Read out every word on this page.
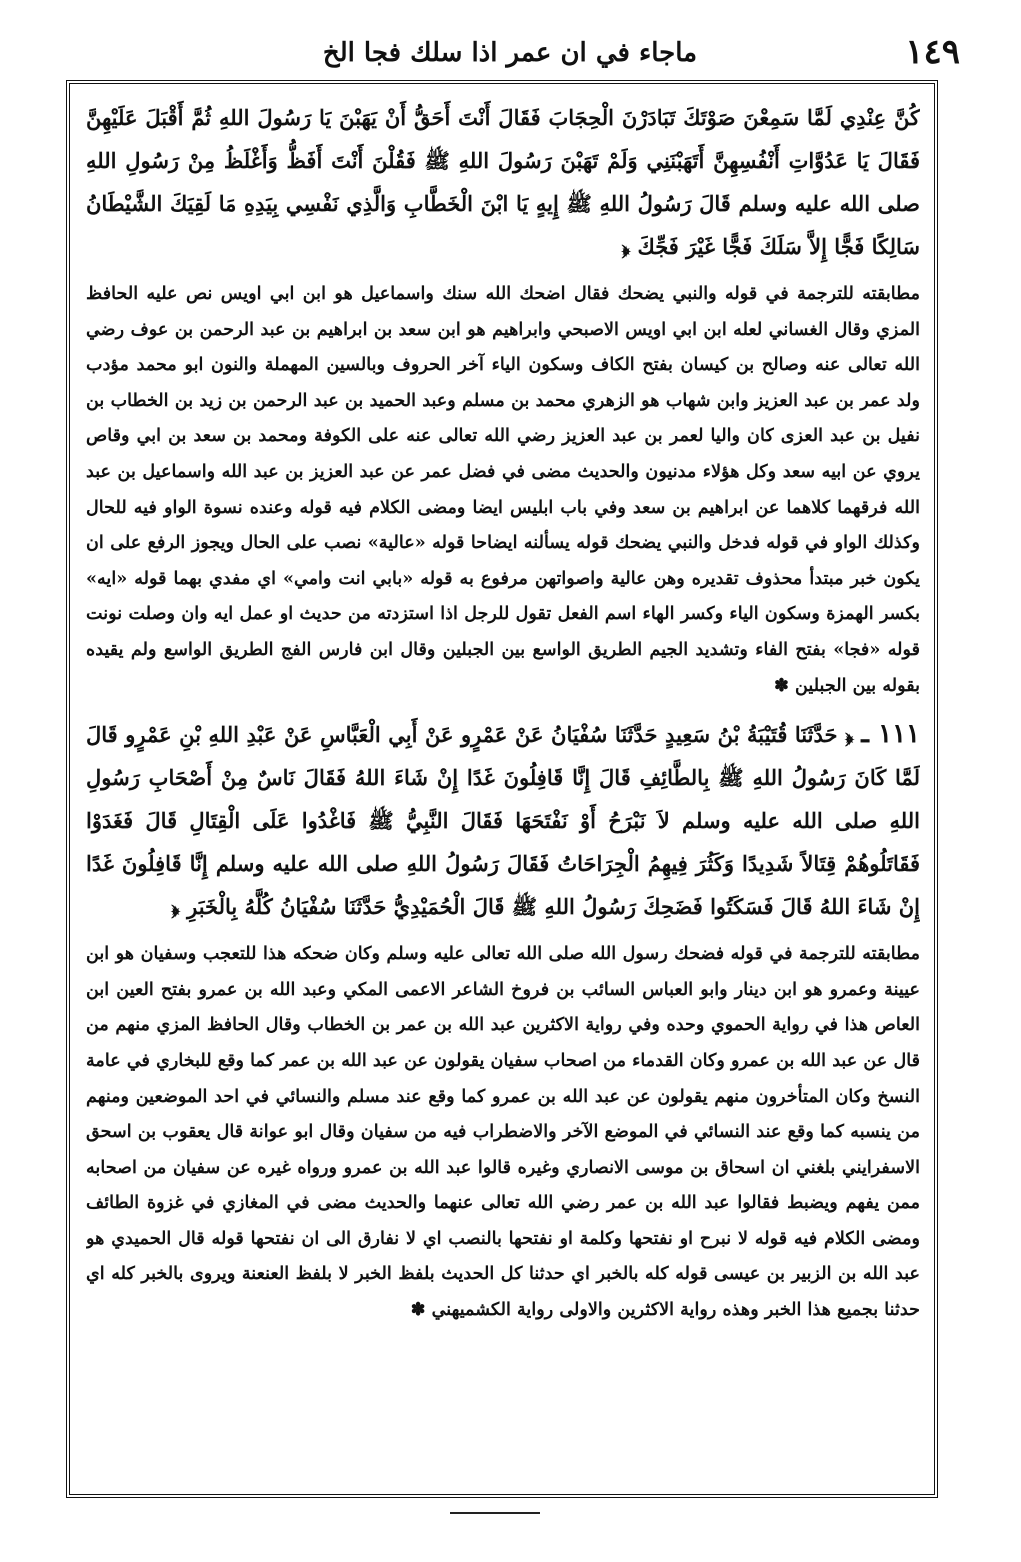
١٤٩
ماجاء في ان عمر اذا سلك فجا الخ

كُنَّ عِنْدِي لَمَّا سَمِعْنَ صَوْتَكَ تَبَادَرْنَ الْحِجَابَ فَقَالَ أَنْتَ أَحَقُّ أَنْ يَهَبْنَ يَا رَسُولَ اللهِ ثُمَّ أَقْبَلَ عَلَيْهِنَّ فَقَالَ يَا عَدُوَّاتِ أَنْفُسِهِنَّ أَتَهَبْنَنِي وَلَمْ تَهَبْنَ رَسُولَ اللهِ ﷺ فَقُلْنَ أَنْتَ أَفَظُّ وَأَغْلَظُ مِنْ رَسُولِ اللهِ صلى الله عليه وسلم قَالَ رَسُولُ اللهِ ﷺ إِيهٍ يَا ابْنَ الْخَطَّابِ وَالَّذِي نَفْسِي بِيَدِهِ مَا لَقِيَكَ الشَّيْطَانُ سَالِكًا فَجًّا إِلاَّ سَلَكَ فَجًّا غَيْرَ فَجِّكَ ﴿

مطابقته للترجمة في قوله والنبي يضحك فقال اضحك الله سنك واسماعيل هو ابن ابي اويس نص عليه الحافظ المزي وقال الغساني لعله ابن ابي اويس الاصبحي وابراهيم هو ابن سعد بن ابراهيم بن عبد الرحمن بن عوف رضي الله تعالى عنه وصالح بن كيسان بفتح الكاف وسكون الياء آخر الحروف وبالسين المهملة والنون ابو محمد مؤدب ولد عمر بن عبد العزيز وابن شهاب هو الزهري محمد بن مسلم وعبد الحميد بن عبد الرحمن بن زيد بن الخطاب بن نفيل بن عبد العزى كان واليا لعمر بن عبد العزيز رضي الله تعالى عنه على الكوفة ومحمد بن سعد بن ابي وقاص يروي عن ابيه سعد وكل هؤلاء مدنيون والحديث مضى في فضل عمر عن عبد العزيز بن عبد الله واسماعيل بن عبد الله فرقهما كلاهما عن ابراهيم بن سعد وفي باب ابليس ايضا ومضى الكلام فيه قوله وعنده نسوة الواو فيه للحال وكذلك الواو في قوله فدخل والنبي يضحك قوله يسألنه ايضاحا قوله «عالية» نصب على الحال ويجوز الرفع على ان يكون خبر مبتدأ محذوف تقديره وهن عالية واصواتهن مرفوع به قوله «بابي انت وامي» اي مفدي بهما قوله «ايه» بكسر الهمزة وسكون الياء وكسر الهاء اسم الفعل تقول للرجل اذا استزدته من حديث او عمل ايه وان وصلت نونت قوله «فجا» بفتح الفاء وتشديد الجيم الطريق الواسع بين الجبلين وقال ابن فارس الفج الطريق الواسع ولم يقيده بقوله بين الجبلين ✽

١١١ ـ ﴿ حَدَّثَنَا قُتَيْبَةُ بْنُ سَعِيدٍ حَدَّثَنَا سُفْيَانُ عَنْ عَمْرٍو عَنْ أَبِي الْعَبَّاسِ عَنْ عَبْدِ اللهِ بْنِ عَمْرٍو قَالَ لَمَّا كَانَ رَسُولُ اللهِ ﷺ بِالطَّائِفِ قَالَ إِنَّا قَافِلُونَ غَدًا إِنْ شَاءَ اللهُ فَقَالَ نَاسٌ مِنْ أَصْحَابِ رَسُولِ اللهِ صلى الله عليه وسلم لاَ نَبْرَحُ أَوْ نَفْتَحَهَا فَقَالَ النَّبِيُّ ﷺ فَاغْدُوا عَلَى الْقِتَالِ قَالَ فَغَدَوْا فَقَاتَلُوهُمْ قِتَالاً شَدِيدًا وَكَثُرَ فِيهِمُ الْجِرَاحَاتُ فَقَالَ رَسُولُ اللهِ صلى الله عليه وسلم إِنَّا قَافِلُونَ غَدًا إِنْ شَاءَ اللهُ قَالَ فَسَكَتُوا فَضَحِكَ رَسُولُ اللهِ ﷺ قَالَ الْحُمَيْدِيُّ حَدَّثَنَا سُفْيَانُ كُلَّهُ بِالْخَبَرِ ﴿

مطابقته للترجمة في قوله فضحك رسول الله صلى الله تعالى عليه وسلم وكان ضحكه هذا للتعجب وسفيان هو ابن عيينة وعمرو هو ابن دينار وابو العباس السائب بن فروخ الشاعر الاعمى المكي وعبد الله بن عمرو بفتح العين ابن العاص هذا في رواية الحموي وحده وفي رواية الاكثرين عبد الله بن عمر بن الخطاب وقال الحافظ المزي منهم من قال عن عبد الله بن عمرو وكان القدماء من اصحاب سفيان يقولون عن عبد الله بن عمر كما وقع للبخاري في عامة النسخ وكان المتأخرون منهم يقولون عن عبد الله بن عمرو كما وقع عند مسلم والنسائي في احد الموضعين ومنهم من ينسبه كما وقع عند النسائي في الموضع الآخر والاضطراب فيه من سفيان وقال ابو عوانة قال يعقوب بن اسحق الاسفرايني بلغني ان اسحاق بن موسى الانصاري وغيره قالوا عبد الله بن عمرو ورواه غيره عن سفيان من اصحابه ممن يفهم ويضبط فقالوا عبد الله بن عمر رضي الله تعالى عنهما والحديث مضى في المغازي في غزوة الطائف ومضى الكلام فيه قوله لا نبرح او نفتحها وكلمة او نفتحها بالنصب اي لا نفارق الى ان نفتحها قوله قال الحميدي هو عبد الله بن الزبير بن عيسى قوله كله بالخبر اي حدثنا كل الحديث بلفظ الخبر لا بلفظ العنعنة ويروى بالخبر كله اي حدثنا بجميع هذا الخبر وهذه رواية الاكثرين والاولى رواية الكشميهني ✽
